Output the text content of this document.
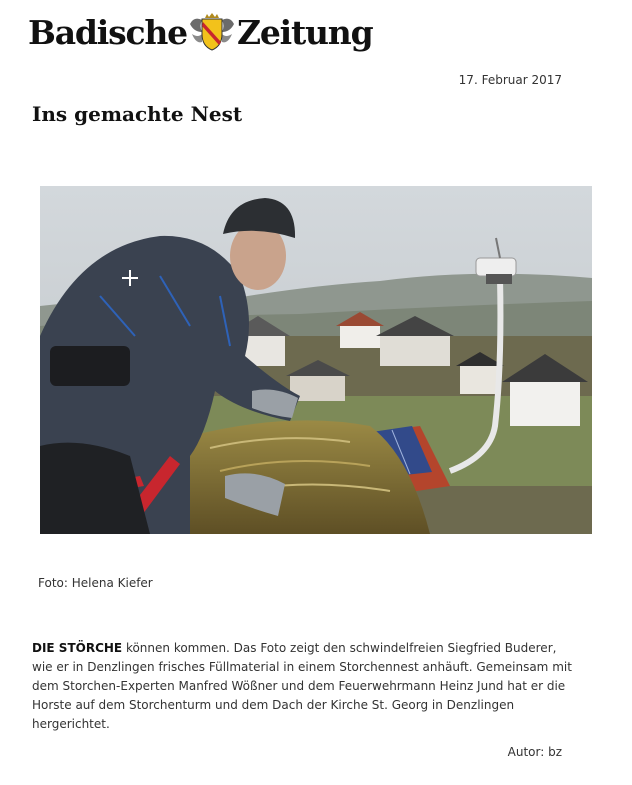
Badische Zeitung
17. Februar 2017
Ins gemachte Nest
Foto: Helena Kiefer

DIE STÖRCHE können kommen. Das Foto zeigt den schwindelfreien Siegfried Buderer, wie er in Denzlingen frisches Füllmaterial in einem Storchennest anhäuft. Gemeinsam mit dem Storchen-Experten Manfred Wößner und dem Feuerwehrmann Heinz Jund hat er die Horste auf dem Storchenturm und dem Dach der Kirche St. Georg in Denzlingen hergerichtet.

Autor: bz
